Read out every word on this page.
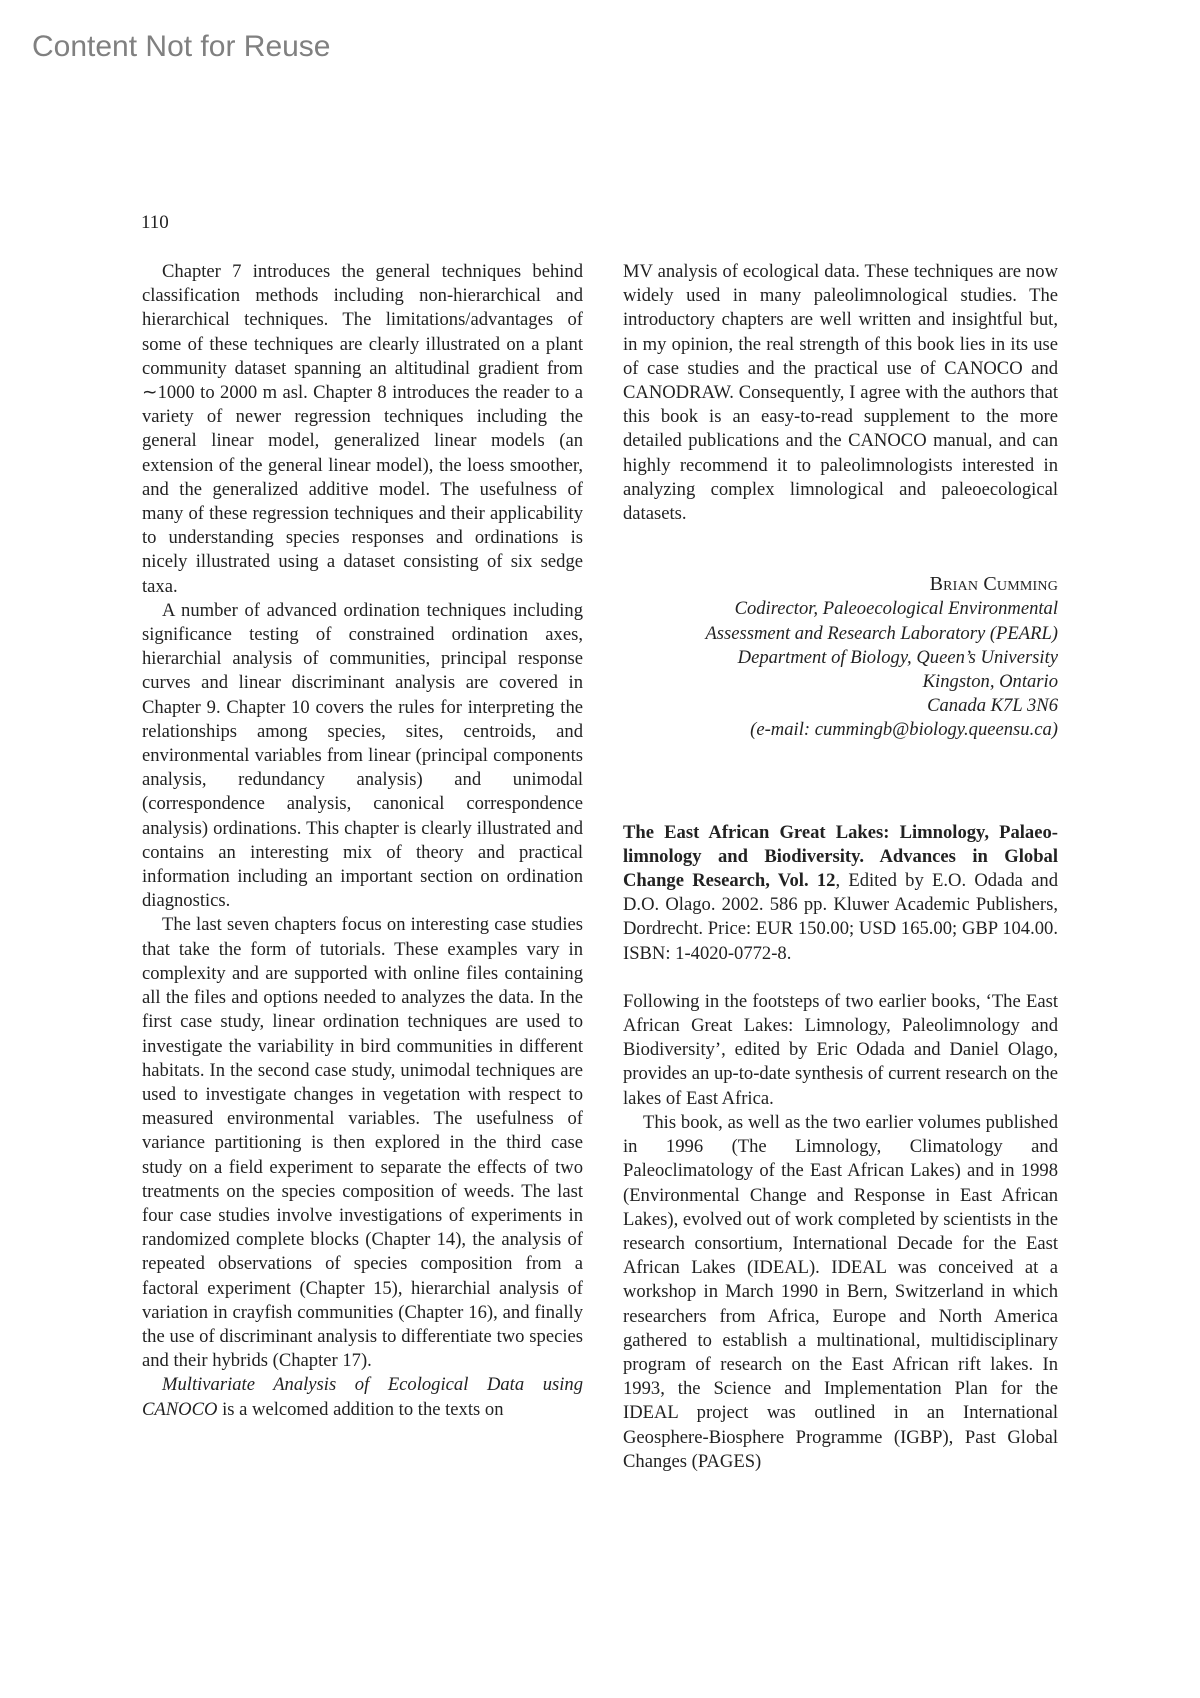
Content Not for Reuse
110

Chapter 7 introduces the general techniques behind classification methods including non-hierarchical and hierarchical techniques. The limitations/advantages of some of these techniques are clearly illustrated on a plant community dataset spanning an altitudinal gradient from ∼1000 to 2000 m asl. Chapter 8 introduces the reader to a variety of newer regression techniques including the general linear model, generalized linear models (an extension of the general linear model), the loess smoother, and the generalized additive model. The usefulness of many of these regression techniques and their applicability to understanding species responses and ordinations is nicely illustrated using a dataset consisting of six sedge taxa.

A number of advanced ordination techniques including significance testing of constrained ordination axes, hierarchial analysis of communities, principal response curves and linear discriminant analysis are covered in Chapter 9. Chapter 10 covers the rules for interpreting the relationships among species, sites, centroids, and environmental variables from linear (principal components analysis, redundancy analysis) and unimodal (correspondence analysis, canonical correspondence analysis) ordinations. This chapter is clearly illustrated and contains an interesting mix of theory and practical information including an important section on ordination diagnostics.

The last seven chapters focus on interesting case studies that take the form of tutorials. These examples vary in complexity and are supported with online files containing all the files and options needed to analyzes the data. In the first case study, linear ordination techniques are used to investigate the variability in bird communities in different habitats. In the second case study, unimodal techniques are used to investigate changes in vegetation with respect to measured environmental variables. The usefulness of variance partitioning is then explored in the third case study on a field experiment to separate the effects of two treatments on the species composition of weeds. The last four case studies involve investigations of experiments in randomized complete blocks (Chapter 14), the analysis of repeated observations of species composition from a factoral experiment (Chapter 15), hierarchial analysis of variation in crayfish communities (Chapter 16), and finally the use of discriminant analysis to differentiate two species and their hybrids (Chapter 17).

Multivariate Analysis of Ecological Data using CANOCO is a welcomed addition to the texts on

MV analysis of ecological data. These techniques are now widely used in many paleolimnological studies. The introductory chapters are well written and insightful but, in my opinion, the real strength of this book lies in its use of case studies and the practical use of CANOCO and CANODRAW. Consequently, I agree with the authors that this book is an easy-to-read supplement to the more detailed publications and the CANOCO manual, and can highly recommend it to paleolimnologists interested in analyzing complex limnological and paleoecological datasets.

Brian Cumming
Codirector, Paleoecological Environmental
Assessment and Research Laboratory (PEARL)
Department of Biology, Queen’s University
Kingston, Ontario
Canada K7L 3N6
(e-mail: cummingb@biology.queensu.ca)

The East African Great Lakes: Limnology, Palaeolimnology and Biodiversity. Advances in Global Change Research, Vol. 12, Edited by E.O. Odada and D.O. Olago. 2002. 586 pp. Kluwer Academic Publishers, Dordrecht. Price: EUR 150.00; USD 165.00; GBP 104.00. ISBN: 1-4020-0772-8.

Following in the footsteps of two earlier books, ‘The East African Great Lakes: Limnology, Paleolimnology and Biodiversity’, edited by Eric Odada and Daniel Olago, provides an up-to-date synthesis of current research on the lakes of East Africa.

This book, as well as the two earlier volumes published in 1996 (The Limnology, Climatology and Paleoclimatology of the East African Lakes) and in 1998 (Environmental Change and Response in East African Lakes), evolved out of work completed by scientists in the research consortium, International Decade for the East African Lakes (IDEAL). IDEAL was conceived at a workshop in March 1990 in Bern, Switzerland in which researchers from Africa, Europe and North America gathered to establish a multinational, multidisciplinary program of research on the East African rift lakes. In 1993, the Science and Implementation Plan for the IDEAL project was outlined in an International Geosphere-Biosphere Programme (IGBP), Past Global Changes (PAGES)
